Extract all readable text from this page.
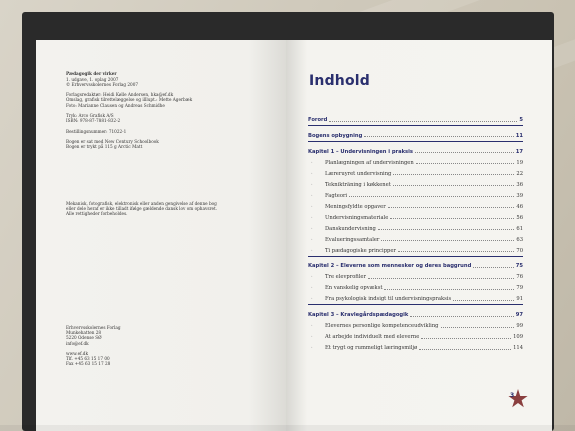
Pædagogik der virker
1. udgave, 1. oplag 2007
© Erhvervsskolernes Forlag 2007
Forlagsredaktør: Heidi Kølle Andersen, hka@ef.dk
Omslag, grafisk tilrettelæggelse og illlupt.: Mette Agerbæk
Foto: Marianne Clausen og Andreas Schmidhe
Tryk: Arco Grafisk A/S
ISBN: 978-87-7881-832-2
Bestillingsnummer: 71022-1
Bogen er sat med New Century Schoolbook
Bogen er trykt på 115 g Arctic Matt
Mekanisk, fotografisk, elektronisk eller anden gengivelse af denne bog
eller dele heraf er ikke tilladt ifølge gældende dansk lov om ophavsret.
Alle rettigheder forbeholdes.
Erhvervsskolernes Forlag
Munkehatten 28
5220 Odense SØ
info@ef.dk
www.ef.dk
Tlf. +45 63 15 17 00
Fax +45 63 15 17 28
Indhold
Forord	5
Bogens opbygning	11
Kapitel 1 – Undervisningen i praksis	17
·	Planlægningen af undervisningen	19
·	Læreruyret undervisning	22
·	Teknikträning i køkkenet	36
·	Fagteori	39
·	Meningsfyldte opgaver	46
·	Undervisningsmateriale	56
·	Danskundervisning	61
·	Evalueringssamtaler	63
·	Ti pædagogiske principper	70
Kapitel 2 – Eleverne som mennesker og deres baggrund	75
·	Tre elevprofiler	76
·	En vanskelig opvækst	79
·	Fra psykologisk indsigt til undervisningspraksis	91
Kapitel 3 – Kravlegårdspædagogik	97
·	Elevernes personlige kompetenceudvikling	99
·	At arbejde individuelt med eleverne	109
·	Et trygt og rummeligt læringsmiljø	114
3
